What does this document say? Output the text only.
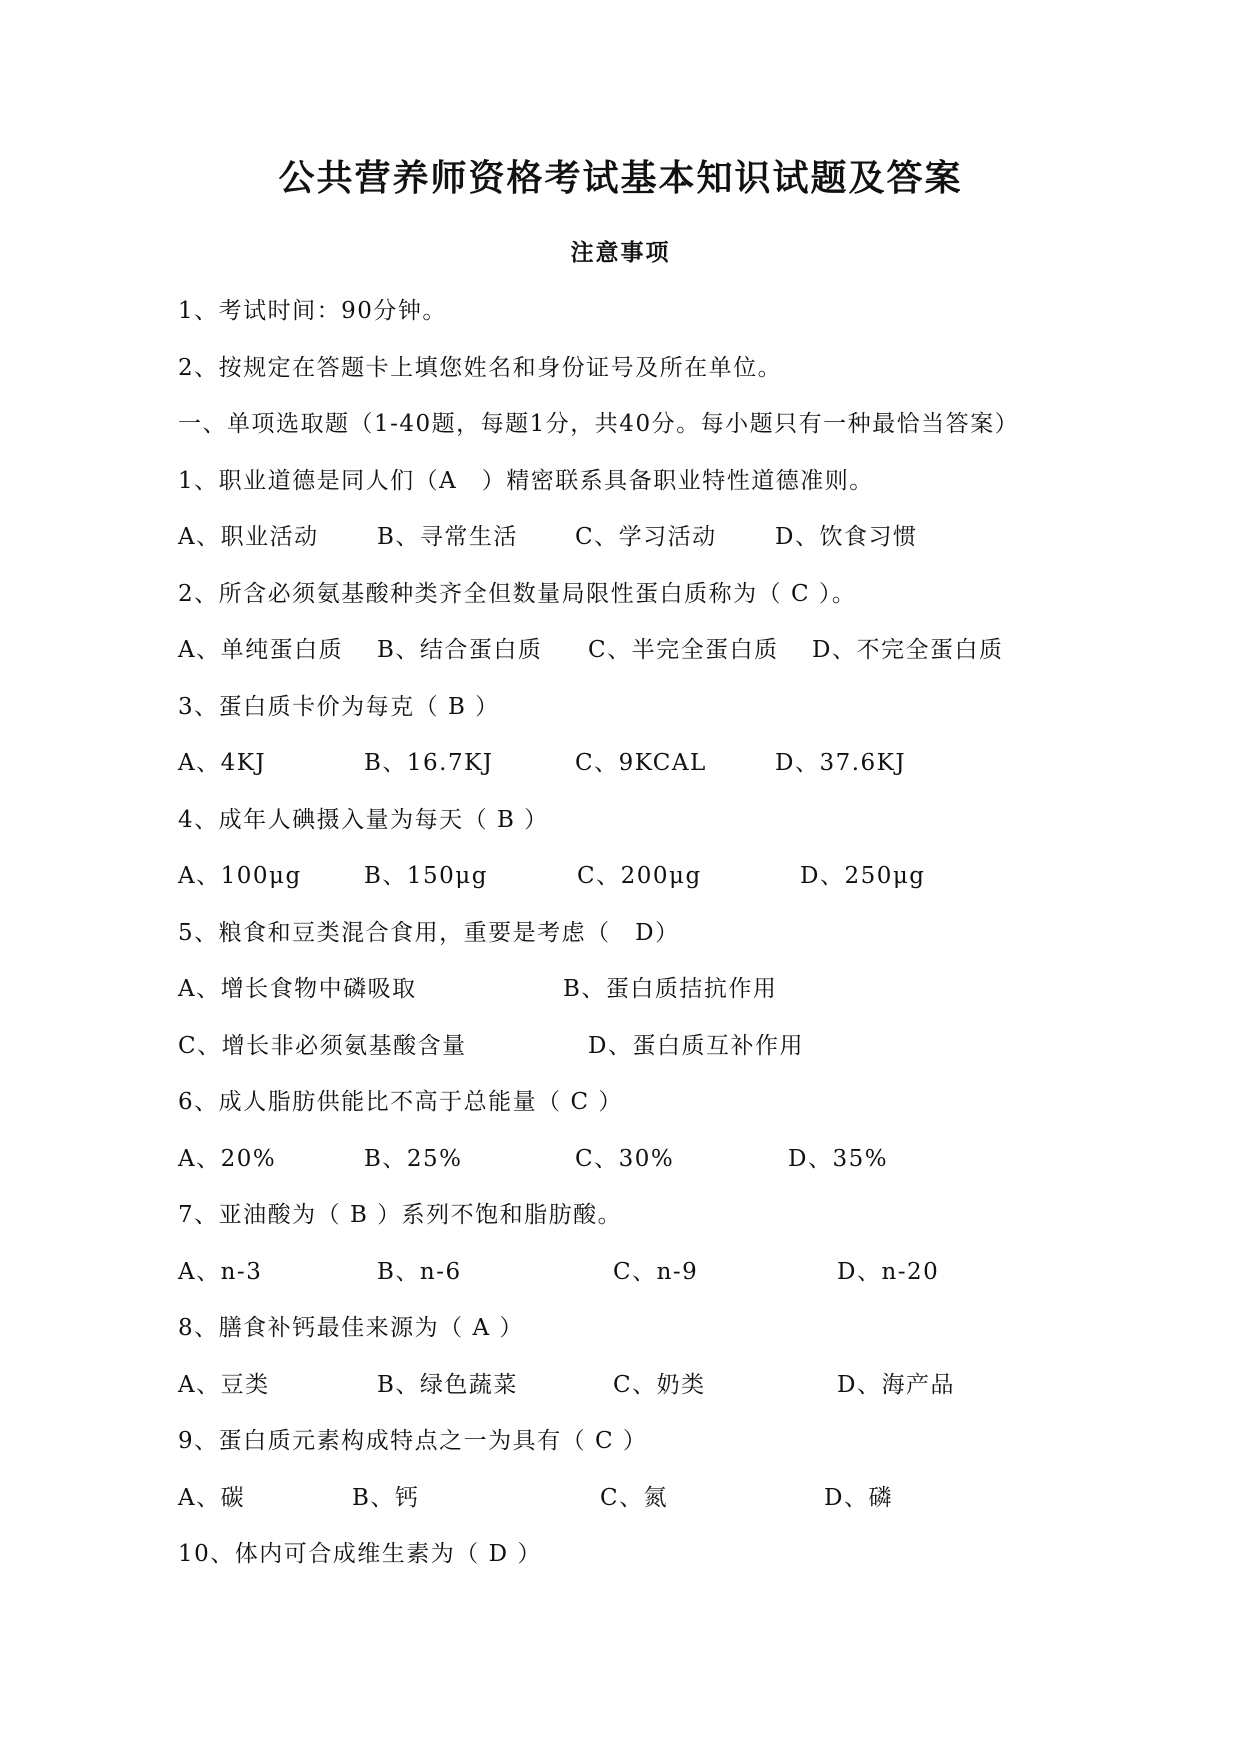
公共营养师资格考试基本知识试题及答案
注意事项
1、考试时间：90分钟。
2、按规定在答题卡上填您姓名和身份证号及所在单位。
一、单项选取题（1-40题，每题1分，共40分。每小题只有一种最恰当答案）
1、职业道德是同人们（A　）精密联系具备职业特性道德准则。
A、职业活动	B、寻常生活 C、学习活动	D、饮食习惯
2、所含必须氨基酸种类齐全但数量局限性蛋白质称为（ C ）。
A、单纯蛋白质 B、结合蛋白质 C、半完全蛋白质 D、不完全蛋白质
3、蛋白质卡价为每克（ B ）
A、4KJ	B、16.7KJ	C、9KCAL	D、37.6KJ
4、成年人碘摄入量为每天（ B ）
A、100μg	B、150μg	C、200μg	D、250μg
5、粮食和豆类混合食用，重要是考虑（　D）
A、增长食物中磷吸取	B、蛋白质拮抗作用
C、增长非必须氨基酸含量	D、蛋白质互补作用
6、成人脂肪供能比不高于总能量（ C ）
A、20%	B、25%	C、30%	D、35%
7、亚油酸为（ B ）系列不饱和脂肪酸。
A、n-3	B、n-6	C、n-9	D、n-20
8、膳食补钙最佳来源为（ A ）
A、豆类	B、绿色蔬菜	C、奶类	D、海产品
9、蛋白质元素构成特点之一为具有（ C ）
A、碳	B、钙	C、氮	D、磷
10、体内可合成维生素为（ D ）
